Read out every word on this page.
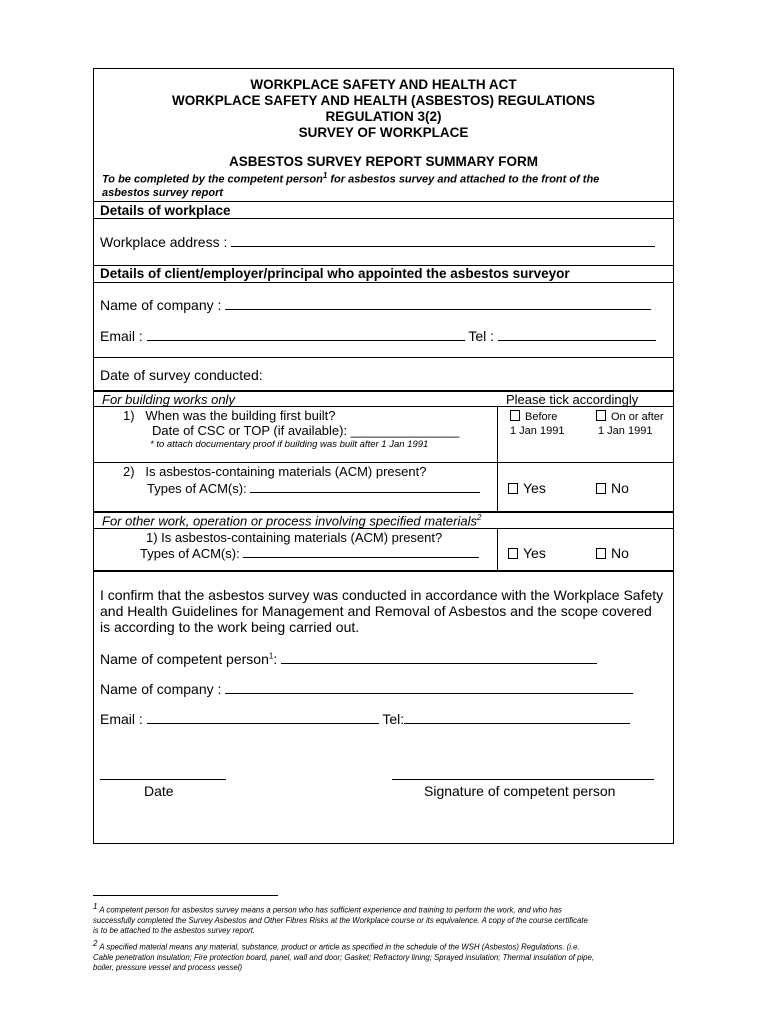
WORKPLACE SAFETY AND HEALTH ACT
WORKPLACE SAFETY AND HEALTH (ASBESTOS) REGULATIONS
REGULATION 3(2)
SURVEY OF WORKPLACE
ASBESTOS SURVEY REPORT SUMMARY FORM
To be completed by the competent person$^1$ for asbestos survey and attached to the front of the
asbestos survey report
Details of workplace
Workplace address :
Details of client/employer/principal who appointed the asbestos surveyor
Name of company :
Email :	Tel :
Date of survey conducted:
For building works only	Please tick accordingly
1) When was the building first built?
Date of CSC or TOP (if available): _______________
* to attach documentary proof if building was built after 1 Jan 1991
Before
1 Jan 1991
On or after
1 Jan 1991
2) Is asbestos-containing materials (ACM) present?
Types of ACM(s):	Yes	No
For other work, operation or process involving specified materials$^2$
1) Is asbestos-containing materials (ACM) present?
Types of ACM(s):	Yes	No
I confirm that the asbestos survey was conducted in accordance with the Workplace Safety
and Health Guidelines for Management and Removal of Asbestos and the scope covered
is according to the work being carried out.
Name of competent person$^1$:
Name of company :
Email :	Tel:
Date	Signature of competent person
$^1$ A competent person for asbestos survey means a person who has sufficient experience and training to perform the work, and who has
successfully completed the Survey Asbestos and Other Fibres Risks at the Workplace course or its equivalence. A copy of the course certificate
is to be attached to the asbestos survey report.
$^2$ A specified material means any material, substance, product or article as specified in the schedule of the WSH (Asbestos) Regulations. (i.e.
Cable penetration insulation; Fire protection board, panel, wall and door; Gasket; Refractory lining; Sprayed insulation; Thermal insulation of pipe,
boiler, pressure vessel and process vessel)
